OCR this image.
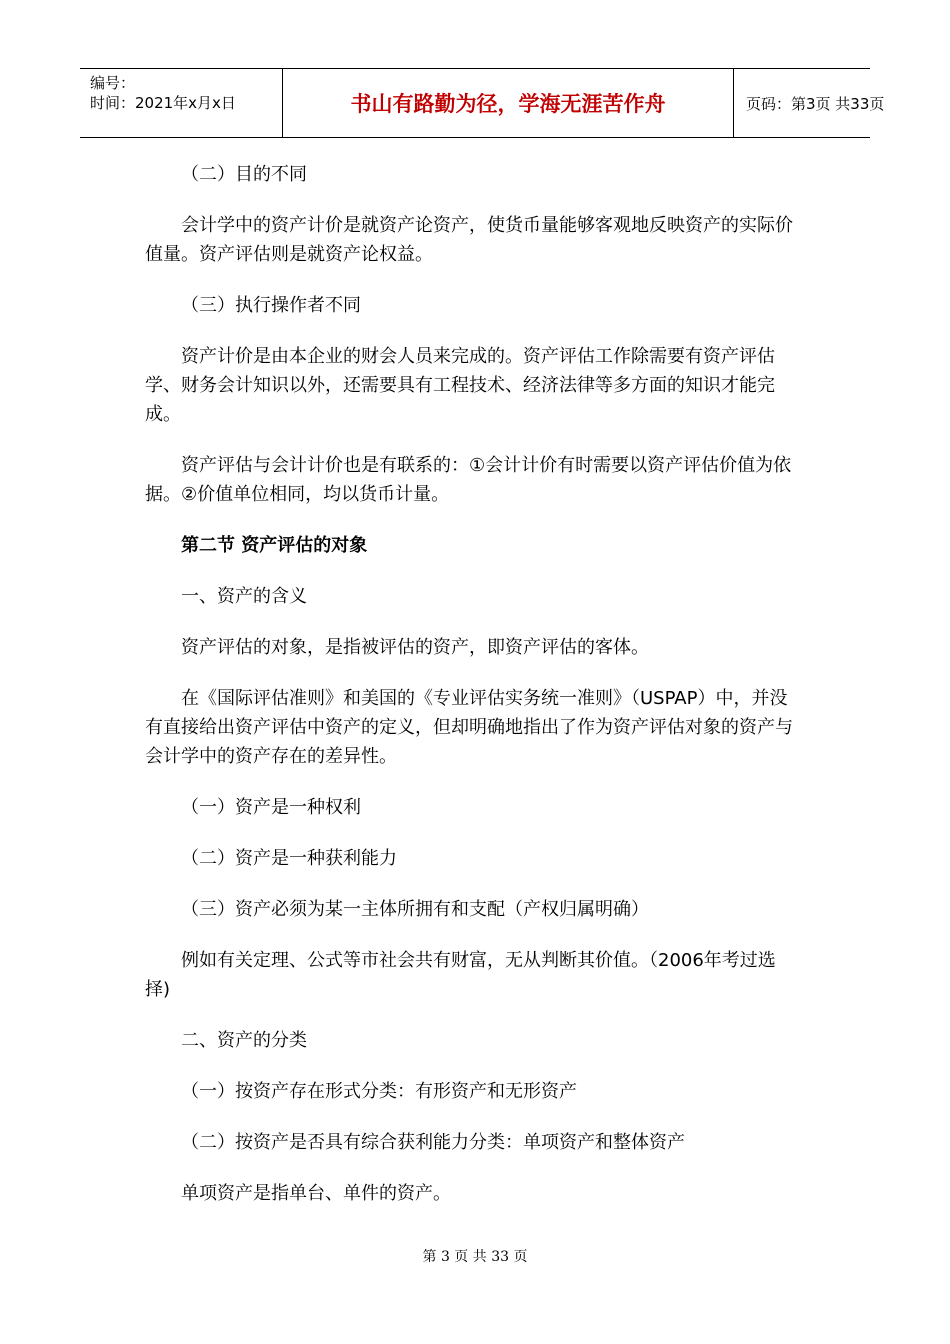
编号：
时间：2021年x月x日	书山有路勤为径，学海无涯苦作舟	页码：第3页 共33页

（二）目的不同

会计学中的资产计价是就资产论资产，使货币量能够客观地反映资产的实际价值量。资产评估则是就资产论权益。

（三）执行操作者不同

资产计价是由本企业的财会人员来完成的。资产评估工作除需要有资产评估学、财务会计知识以外，还需要具有工程技术、经济法律等多方面的知识才能完成。

资产评估与会计计价也是有联系的：①会计计价有时需要以资产评估价值为依据。②价值单位相同，均以货币计量。

第二节 资产评估的对象

一、资产的含义

资产评估的对象，是指被评估的资产，即资产评估的客体。

在《国际评估准则》和美国的《专业评估实务统一准则》（USPAP）中，并没有直接给出资产评估中资产的定义，但却明确地指出了作为资产评估对象的资产与会计学中的资产存在的差异性。

（一）资产是一种权利

（二）资产是一种获利能力

（三）资产必须为某一主体所拥有和支配（产权归属明确）

例如有关定理、公式等市社会共有财富，无从判断其价值。（2006年考过选择)

二、资产的分类

（一）按资产存在形式分类：有形资产和无形资产

（二）按资产是否具有综合获利能力分类：单项资产和整体资产

单项资产是指单台、单件的资产。

第 3 页 共 33 页
